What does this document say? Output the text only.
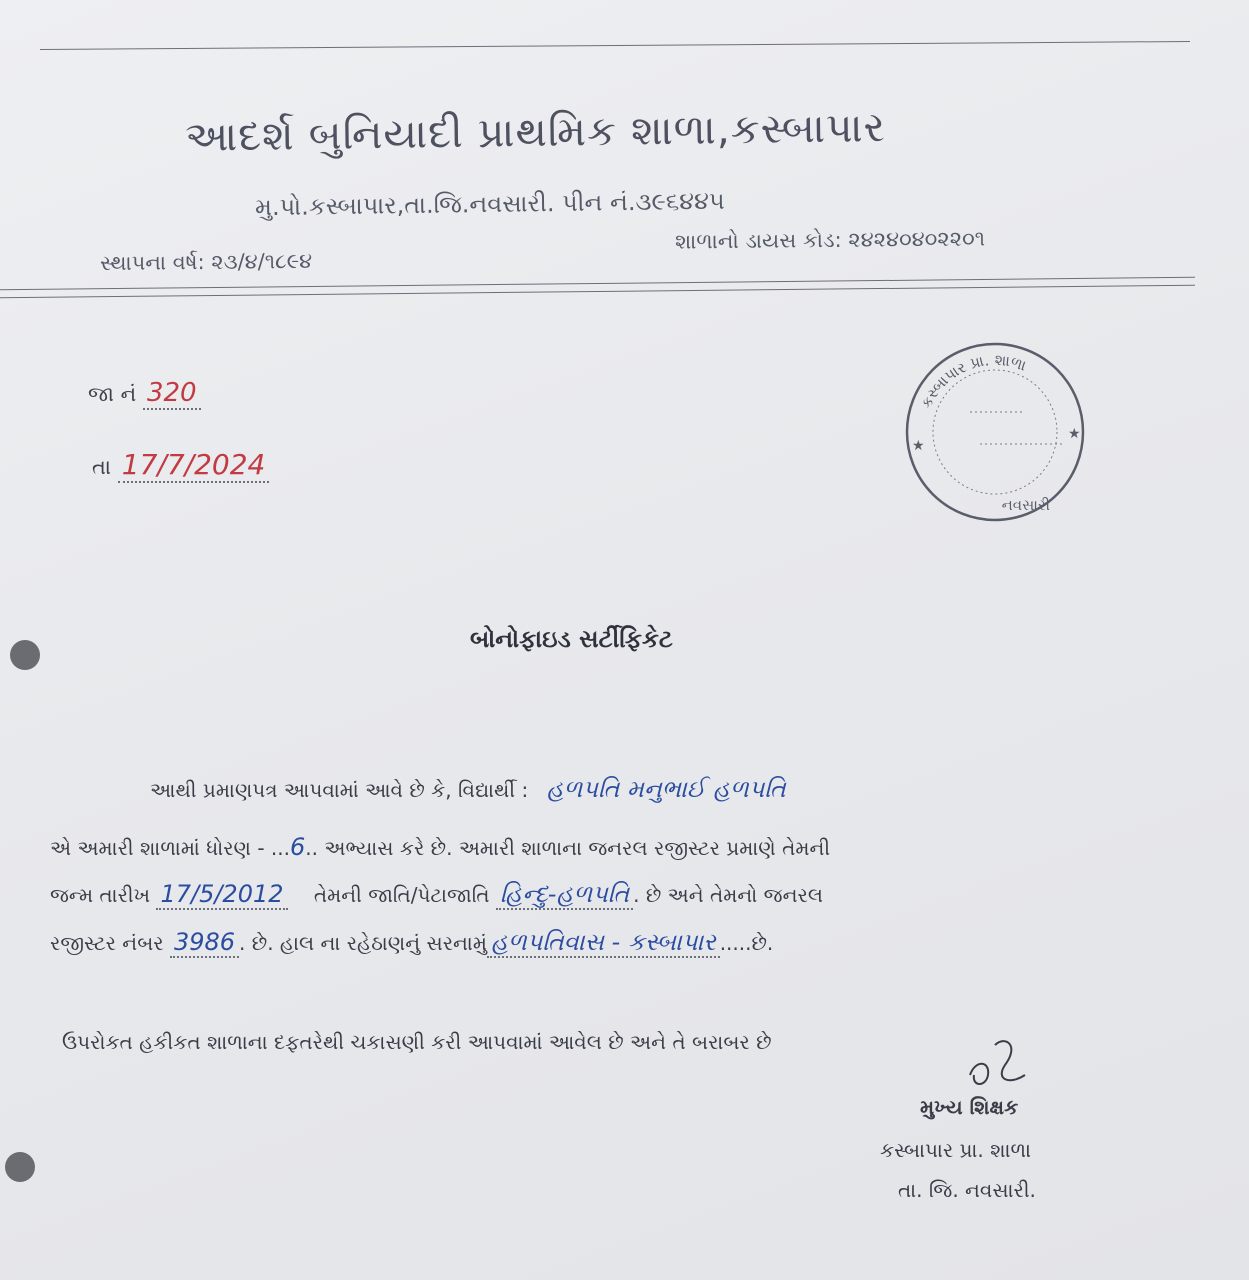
આદર્શ બુનિયાદી પ્રાથમિક શાળા,કસ્બાપાર
મુ.પો.કસ્બાપાર,તા.જિ.નવસારી. પીન નં.૩૯૬૪૪૫
સ્થાપના વર્ષ: ૨૩/૪/૧૮૯૪
શાળાનો ડાયસ કોડ: ૨૪૨૪૦૪૦૨૨૦૧
જા નં 320
તા 17/7/2024
કસ્બાપાર પ્રા. શાળા
નવસારી
★
★
બોનોફાઇડ સર્ટીફિકેટ
આથી પ્રમાણપત્ર આપવામાં આવે છે કે, વિદ્યાર્થી : હળપતિ મનુભાઈ હળપતિ
એ અમારી શાળામાં ધોરણ - ...6.. અભ્યાસ કરે છે. અમારી શાળાના જનરલ રજીસ્ટર પ્રમાણે તેમની
જન્મ તારીખ 17/5/2012 તેમની જાતિ/પેટાજાતિ હિન્દુ-હળપતિ . છે અને તેમનો જનરલ
રજીસ્ટર નંબર 3986 . છે. હાલ ના રહેઠાણનું સરનામું હળપતિવાસ - કસ્બાપાર .....છે.
ઉપરોકત હકીકત શાળાના દફતરેથી ચકાસણી કરી આપવામાં આવેલ છે અને તે બરાબર છે
મુખ્ય શિક્ષક
કસ્બાપાર પ્રા. શાળા
તા. જિ. નવસારી.
